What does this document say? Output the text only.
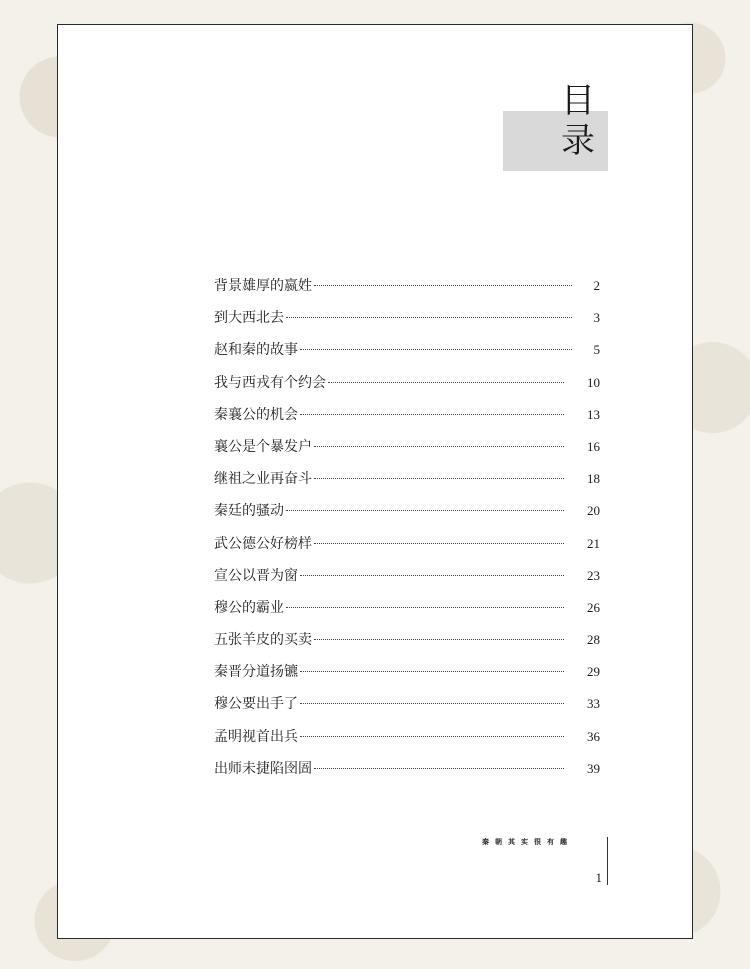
目
录
背景雄厚的嬴姓	2
到大西北去	3
赵和秦的故事	5
我与西戎有个约会	10
秦襄公的机会	13
襄公是个暴发户	16
继祖之业再奋斗	18
秦廷的骚动	20
武公德公好榜样	21
宣公以晋为窗	23
穆公的霸业	26
五张羊皮的买卖	28
秦晋分道扬镳	29
穆公要出手了	33
孟明视首出兵	36
出师未捷陷囹圄	39
秦朝其实很有趣
1
